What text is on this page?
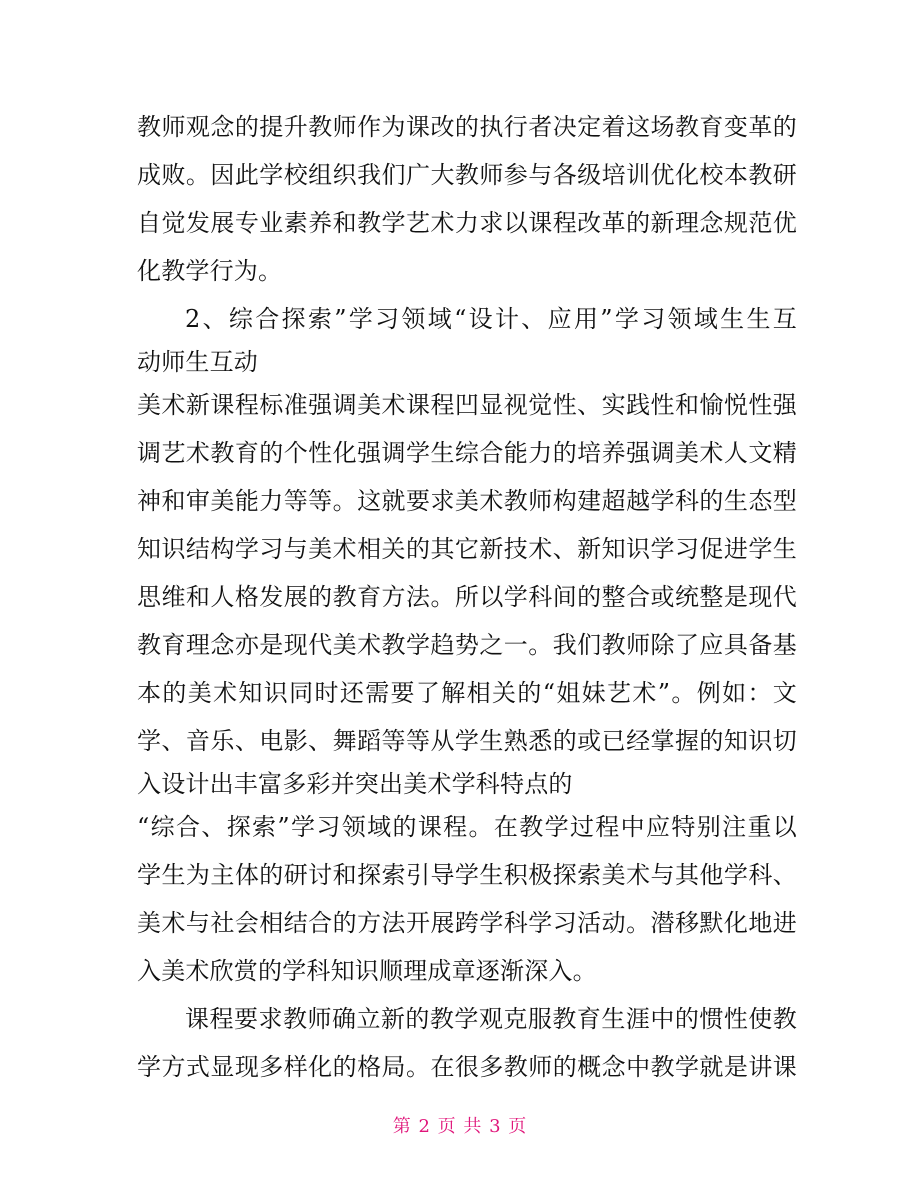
教师观念的提升教师作为课改的执行者决定着这场教育变革的
成败。因此学校组织我们广大教师参与各级培训优化校本教研
自觉发展专业素养和教学艺术力求以课程改革的新理念规范优
化教学行为。
2、综合探索”学习领域“设计、应用”学习领域生生互
动师生互动
美术新课程标准强调美术课程凹显视觉性、实践性和愉悦性强
调艺术教育的个性化强调学生综合能力的培养强调美术人文精
神和审美能力等等。这就要求美术教师构建超越学科的生态型
知识结构学习与美术相关的其它新技术、新知识学习促进学生
思维和人格发展的教育方法。所以学科间的整合或统整是现代
教育理念亦是现代美术教学趋势之一。我们教师除了应具备基
本的美术知识同时还需要了解相关的“姐妹艺术”。例如：文
学、音乐、电影、舞蹈等等从学生熟悉的或已经掌握的知识切
入设计出丰富多彩并突出美术学科特点的
“综合、探索”学习领域的课程。在教学过程中应特别注重以
学生为主体的研讨和探索引导学生积极探索美术与其他学科、
美术与社会相结合的方法开展跨学科学习活动。潜移默化地进
入美术欣赏的学科知识顺理成章逐渐深入。
课程要求教师确立新的教学观克服教育生涯中的惯性使教
学方式显现多样化的格局。在很多教师的概念中教学就是讲课
第 2 页 共 3 页
